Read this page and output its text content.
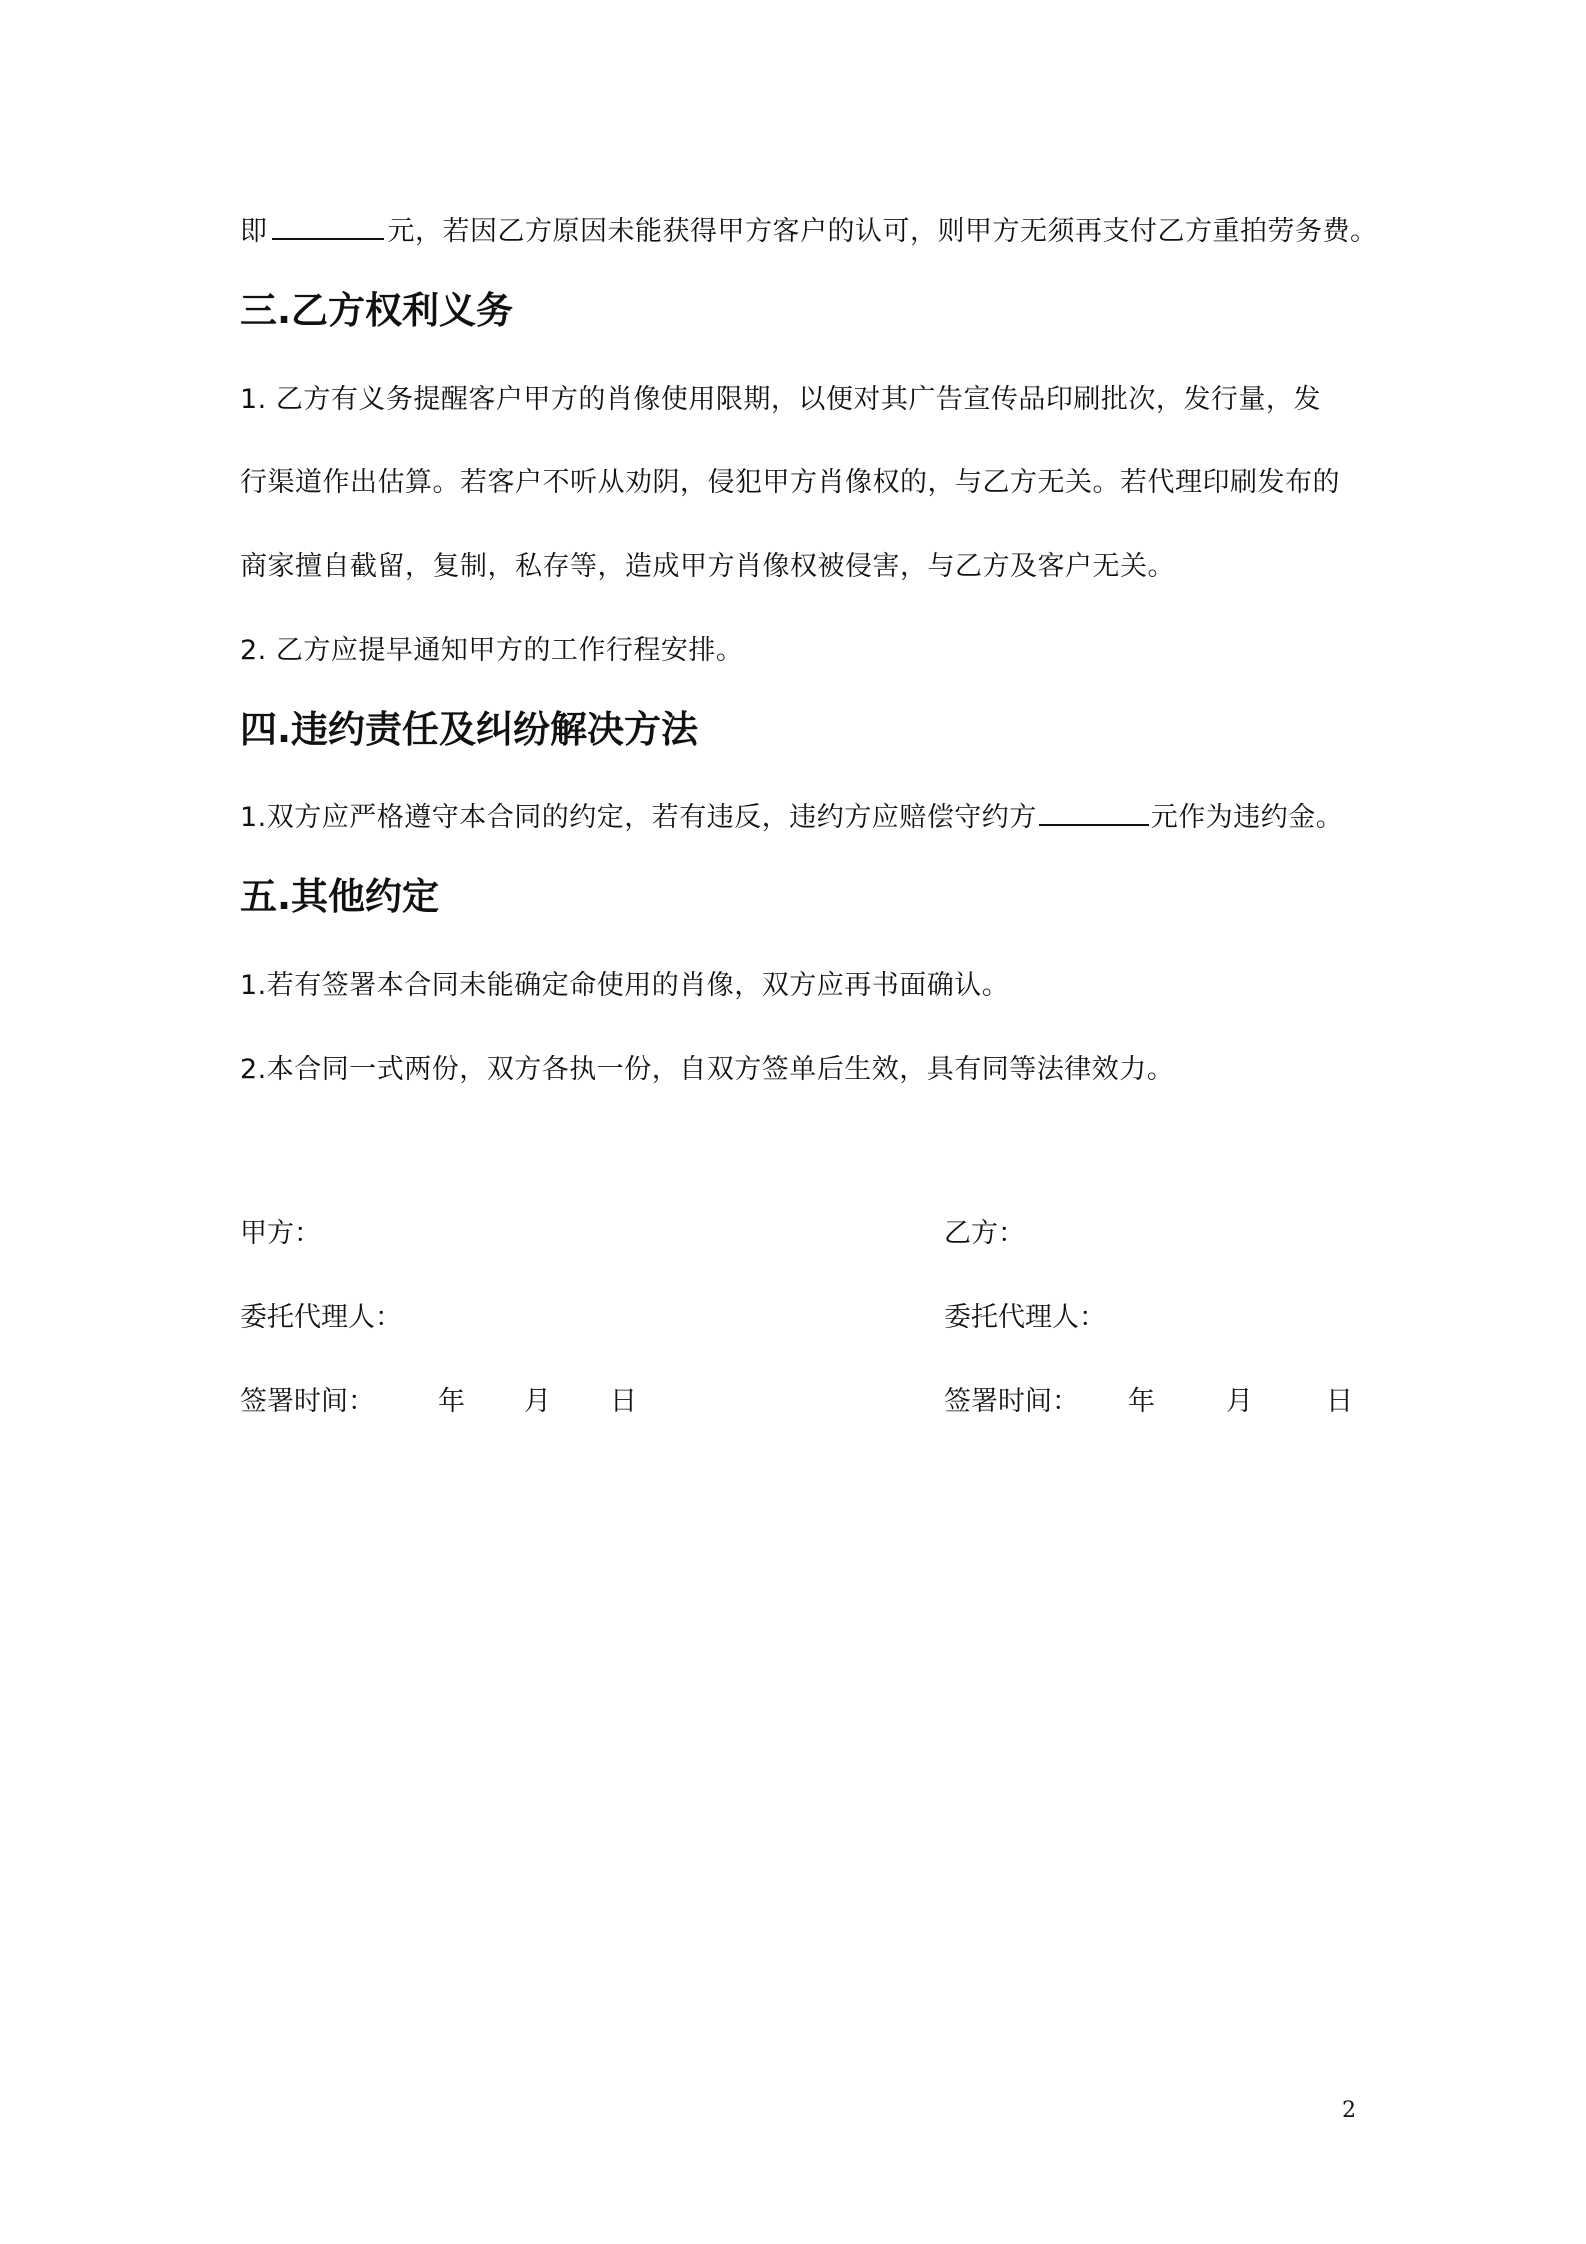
即	元，若因乙方原因未能获得甲方客户的认可，则甲方无须再支付乙方重拍劳务费。
三.乙方权利义务
1. 乙方有义务提醒客户甲方的肖像使用限期，以便对其广告宣传品印刷批次，发行量，发
行渠道作出估算。若客户不听从劝阴，侵犯甲方肖像权的，与乙方无关。若代理印刷发布的
商家擅自截留，复制，私存等，造成甲方肖像权被侵害，与乙方及客户无关。
2. 乙方应提早通知甲方的工作行程安排。
四.违约责任及纠纷解决方法
1.双方应严格遵守本合同的约定，若有违反，违约方应赔偿守约方	元作为违约金。
五.其他约定
1.若有签署本合同未能确定命使用的肖像，双方应再书面确认。
2.本合同一式两份，双方各执一份，自双方签单后生效，具有同等法律效力。
甲方：	乙方：
委托代理人：	委托代理人：
签署时间： 年 月 日	签署时间： 年	月	日
2
